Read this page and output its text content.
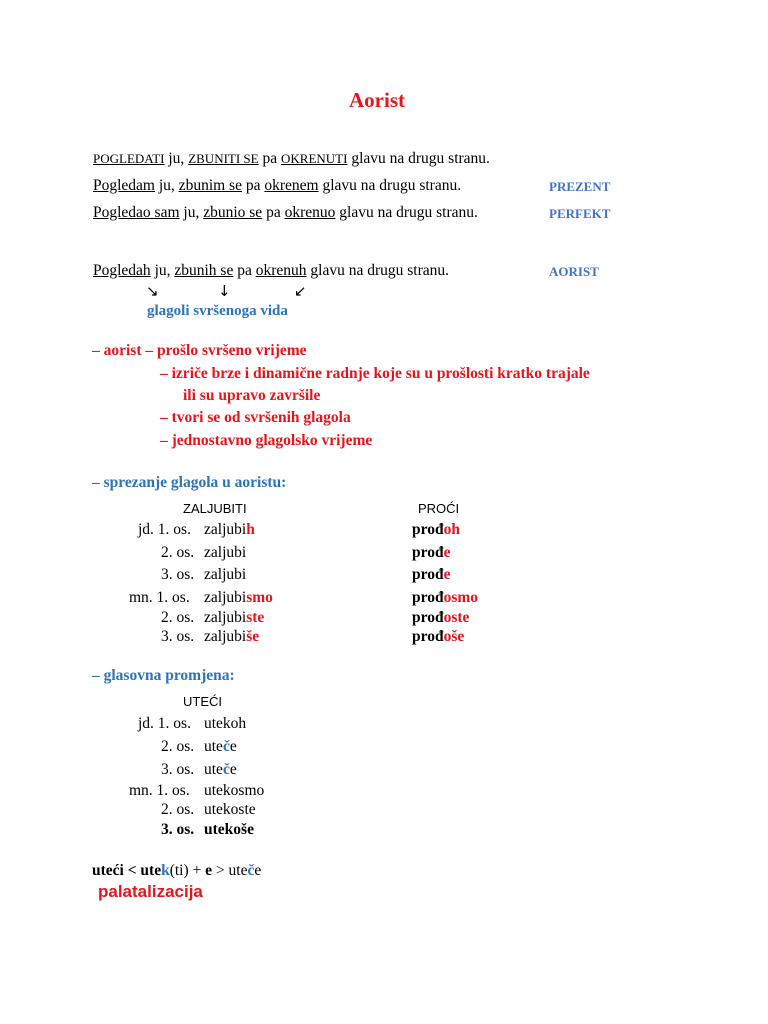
Aorist
POGLEDATI ju, ZBUNITI SE pa OKRENUTI glavu na drugu stranu.
Pogledam ju, zbunim se pa okrenem glavu na drugu stranu.	PREZENT
Pogledao sam ju, zbunio se pa okrenuo glavu na drugu stranu.	PERFEKT
Pogledah ju, zbunih se pa okrenuh glavu na drugu stranu.	AORIST
↘	↓	↙
glagoli svršenoga vida
– aorist – prošlo svršeno vrijeme
– izriče brze i dinamične radnje koje su u prošlosti kratko trajale
ili su upravo završile
– tvori se od svršenih glagola
– jednostavno glagolsko vrijeme
– sprezanje glagola u aoristu:
ZALJUBITI	PROĆI
jd. 1. os. zaljubih	prođoh
2. os. zaljubi	prođe
3. os. zaljubi	prođe
mn. 1. os. zaljubismo	prođosmo
2. os. zaljubiste	prođoste
3. os. zaljubiše	prođoše
– glasovna promjena:
UTEĆI
jd. 1. os. utekoh
2. os. uteče
3. os. uteče
mn. 1. os. utekosmo
2. os. utekoste
3. os. utekoše
uteći < utek(ti) + e > uteče
palatalizacija
